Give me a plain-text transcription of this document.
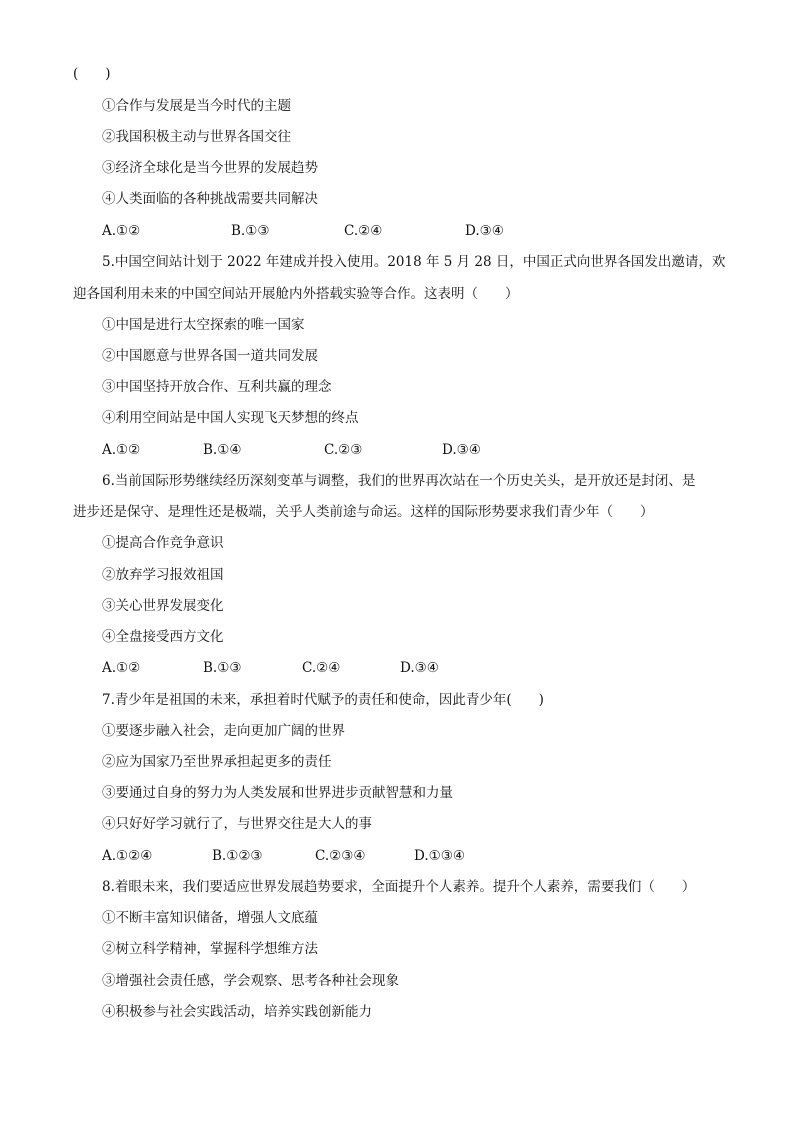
(　　)
①合作与发展是当今时代的主题
②我国积极主动与世界各国交往
③经济全球化是当今世界的发展趋势
④人类面临的各种挑战需要共同解决
A.①②	B.①③	C.②④	D.③④
5.中国空间站计划于 2022 年建成并投入使用。2018 年 5 月 28 日，中国正式向世界各国发出邀请，欢
迎各国利用未来的中国空间站开展舱内外搭载实验等合作。这表明（　　）
①中国是进行太空探索的唯一国家
②中国愿意与世界各国一道共同发展
③中国坚持开放合作、互利共赢的理念
④利用空间站是中国人实现飞天梦想的终点
A.①②	B.①④	C.②③	D.③④
6.当前国际形势继续经历深刻变革与调整，我们的世界再次站在一个历史关头，是开放还是封闭、是
进步还是保守、是理性还是极端，关乎人类前途与命运。这样的国际形势要求我们青少年（　　）
①提高合作竞争意识
②放弃学习报效祖国
③关心世界发展变化
④全盘接受西方文化
A.①②	B.①③	C.②④	D.③④
7.青少年是祖国的未来，承担着时代赋予的责任和使命，因此青少年(　　)
①要逐步融入社会，走向更加广阔的世界
②应为国家乃至世界承担起更多的责任
③要通过自身的努力为人类发展和世界进步贡献智慧和力量
④只好好学习就行了，与世界交往是大人的事
A.①②④	B.①②③	C.②③④	D.①③④
8.着眼未来，我们要适应世界发展趋势要求，全面提升个人素养。提升个人素养，需要我们（　　）
①不断丰富知识储备，增强人文底蕴
②树立科学精神，掌握科学想维方法
③增强社会责任感，学会观察、思考各种社会现象
④积极参与社会实践活动，培养实践创新能力
